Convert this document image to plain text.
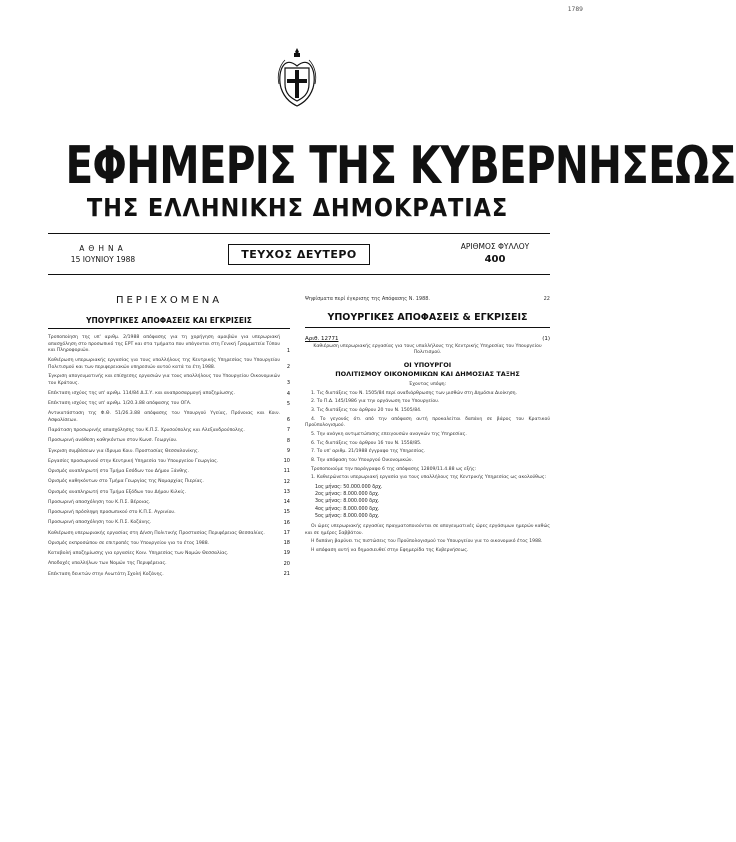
1789
ΕΦΗΜΕΡΙΣ ΤΗΣ ΚΥΒΕΡΝΗΣΕΩΣ
ΤΗΣ ΕΛΛΗΝΙΚΗΣ ΔΗΜΟΚΡΑΤΙΑΣ
ΑΘΗΝΑ
15 ΙΟΥΝΙΟΥ 1988	ΤΕΥΧΟΣ ΔΕΥΤΕΡΟ
ΑΡΙΘΜΟΣ ΦΥΛΛΟΥ
400
ΠΕΡΙΕΧΟΜΕΝΑ
ΥΠΟΥΡΓΙΚΕΣ ΑΠΟΦΑΣΕΙΣ ΚΑΙ ΕΓΚΡΙΣΕΙΣ
Τροποποίηση της υπ' αριθμ. 2/1988 απόφασης για τη χορήγηση αμοιβών για υπερωριακή απασχόληση στο προσωπικό της ΕΡΤ και στα τμήματα που υπάγονται στη Γενική Γραμματεία Τύπου και Πληροφοριών.	1
Καθιέρωση υπερωριακής εργασίας για τους υπαλλήλους της Κεντρικής Υπηρεσίας του Υπουργείου Πολιτισμού και των περιφερειακών υπηρεσιών αυτού κατά τα έτη 1988.	2
Έγκριση απογευματινής και επίσχεσης εργασιών για τους υπαλλήλους του Υπουργείου Οικονομικών του Κράτους.	3
Επέκταση ισχύος της υπ' αριθμ. 114/84 Δ.Σ.Υ. και αναπροσαρμογή αποζημίωσης.	4
Επέκταση ισχύος της υπ' αριθμ. 1/20.3.88 απόφασης του ΟΓΑ.	5
Αντικατάσταση της Φ.Θ. 51/26.3.88 απόφασης του Υπουργού Υγείας, Πρόνοιας και Κοιν. Ασφαλίσεων.	6
Παράταση προσωρινής απασχόλησης του Κ.Π.Σ. Χρυσούπολης και Αλεξανδρούπολης.	7
Προσωρινή ανάθεση καθηκόντων στον Κωνσ. Γεωργίου.	8
Έγκριση συμβάσεων για ίδρυμα Κοιν. Προστασίας Θεσσαλονίκης.	9
Εργασίες προσωρινού στην Κεντρική Υπηρεσία του Υπουργείου Γεωργίας.	10
Ορισμός αναπληρωτή στο Τμήμα Εσόδων του Δήμου Ξάνθης.	11
Ορισμός καθηκόντων στο Τμήμα Γεωργίας της Νομαρχίας Πιερίας.	12
Ορισμός αναπληρωτή στο Τμήμα Εξόδων του Δήμου Κιλκίς.	13
Προσωρινή απασχόληση του Κ.Π.Σ. Βέροιας.	14
Προσωρινή πρόσληψη προσωπικού στο Κ.Π.Σ. Αγρινίου.	15
Προσωρινή απασχόληση του Κ.Π.Σ. Κοζάνης.	16
Καθιέρωση υπερωριακής εργασίας στη Δ/νση Πολιτικής Προστασίας Περιφέρειας Θεσσαλίας.	17
Ορισμός εκπροσώπου σε επιτροπές του Υπουργείου για το έτος 1988.	18
Καταβολή αποζημίωσης για εργασίες Κοιν. Υπηρεσίας των Νομών Θεσσαλίας.	19
Αποδοχές υπαλλήλων των Νομών της Περιφέρειας.	20
Επέκταση δεικτών στην Ανωτάτη Σχολή Κοζάνης.	21
Ψηφίσματα περί έγκρισης της Απόφασης Ν. 1988.	22
ΥΠΟΥΡΓΙΚΕΣ ΑΠΟΦΑΣΕΙΣ & ΕΓΚΡΙΣΕΙΣ
Αριθ. 12771	(1)
Καθιέρωση υπερωριακής εργασίας για τους υπαλλήλους της Κεντρικής Υπηρεσίας του Υπουργείου Πολιτισμού.
ΟΙ ΥΠΟΥΡΓΟΙ
ΠΟΛΙΤΙΣΜΟΥ ΟΙΚΟΝΟΜΙΚΩΝ ΚΑΙ ΔΗΜΟΣΙΑΣ ΤΑΞΗΣ
Έχοντας υπόψη:

1. Τις διατάξεις του Ν. 1505/84 περί αναδιάρθρωσης των μισθών στη Δημόσια Διοίκηση.

2. Το Π.Δ. 145/1986 για την οργάνωση του Υπουργείου.

3. Τις διατάξεις του άρθρου 20 του Ν. 1505/84.

4. Το γεγονός ότι από την απόφαση αυτή προκαλείται δαπάνη σε βάρος του Κρατικού Προϋπολογισμού.

5. Την ανάγκη αντιμετώπισης επειγουσών αναγκών της Υπηρεσίας.

6. Τις διατάξεις του άρθρου 16 του Ν. 1558/85.

7. Το υπ' αριθμ. 21/1988 έγγραφο της Υπηρεσίας.

8. Την απόφαση του Υπουργού Οικονομικών.

Τροποποιούμε την παράγραφο 6 της απόφασης 12809/11.4.88 ως εξής:

1. Καθιερώνεται υπερωριακή εργασία για τους υπαλλήλους της Κεντρικής Υπηρεσίας ως ακολούθως:

1ος μήνας: 50.000.000 δρχ.
2ος μήνας: 8.000.000 δρχ.
3ος μήνας: 8.000.000 δρχ.
4ος μήνας: 8.000.000 δρχ.
5ος μήνας: 8.000.000 δρχ.

Οι ώρες υπερωριακής εργασίας πραγματοποιούνται σε απογευματινές ώρες εργάσιμων ημερών καθώς και σε ημέρες Σαββάτου.

Η δαπάνη βαρύνει τις πιστώσεις του Προϋπολογισμού του Υπουργείου για το οικονομικό έτος 1988.

Η απόφαση αυτή να δημοσιευθεί στην Εφημερίδα της Κυβερνήσεως.
